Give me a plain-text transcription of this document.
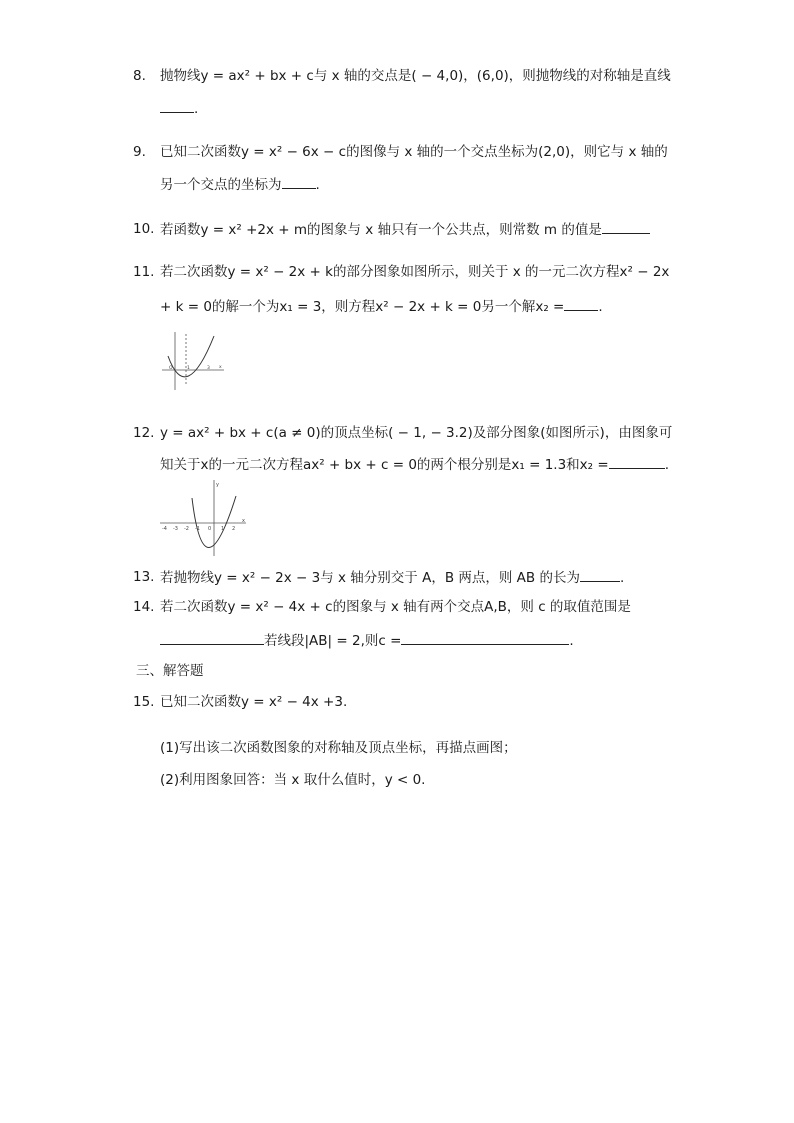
8.	抛物线y = ax² + bx + c与 x 轴的交点是( − 4,0)，(6,0)，则抛物线的对称轴是直线
.
9.	已知二次函数y = x² − 6x − c的图像与 x 轴的一个交点坐标为(2,0)，则它与 x 轴的
另一个交点的坐标为	.
10. 若函数y = x² +2x + m的图象与 x 轴只有一个公共点，则常数 m 的值是
11. 若二次函数y = x² − 2x + k的部分图象如图所示，则关于 x 的一元二次方程x² − 2x
+ k = 0的解一个为x₁ = 3，则方程x² − 2x + k = 0另一个解x₂ =	.
O	1	3 x
12. y = ax² + bx + c(a ≠ 0)的顶点坐标( − 1, − 3.2)及部分图象(如图所示)，由图象可
知关于x的一元二次方程ax² + bx + c = 0的两个根分别是x₁ = 1.3和x₂ =	.
y
x
-4 -3 -2 -1 0 1 2
13. 若抛物线y = x² − 2x − 3与 x 轴分别交于 A，B 两点，则 AB 的长为	.
14. 若二次函数y = x² − 4x + c的图象与 x 轴有两个交点A,B，则 c 的取值范围是
若线段|AB| = 2,则c =	.
三、解答题
15. 已知二次函数y = x² − 4x +3.
(1)写出该二次函数图象的对称轴及顶点坐标，再描点画图；
(2)利用图象回答：当 x 取什么值时，y < 0.
